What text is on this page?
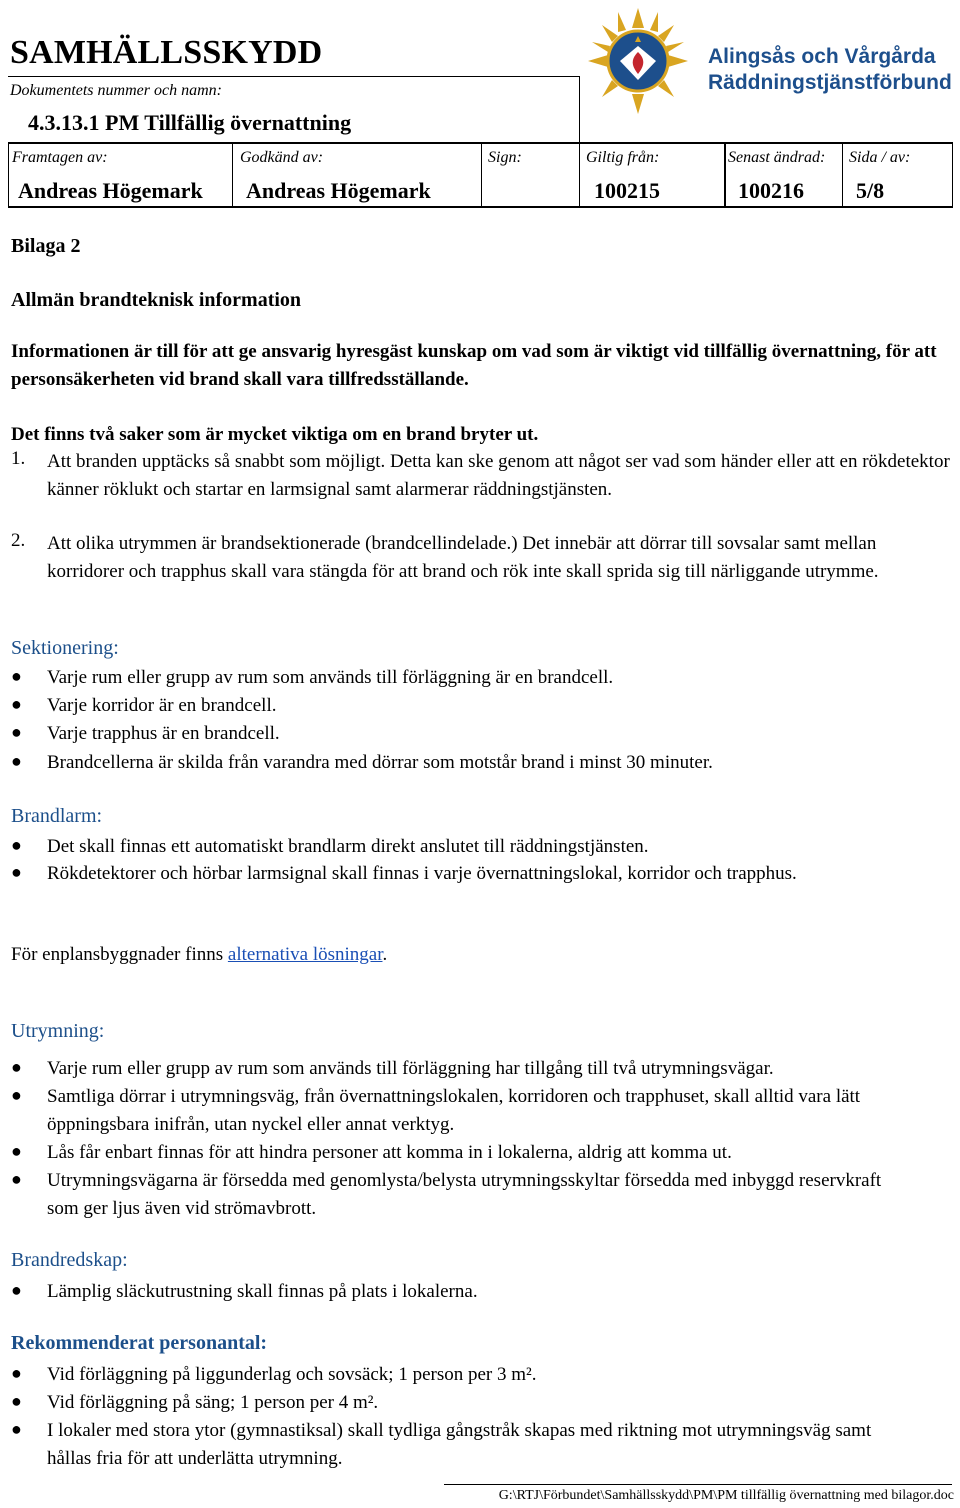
SAMHÄLLSSKYDD
Dokumentets nummer och namn:
4.3.13.1 PM Tillfällig övernattning
Alingsås och Vårgårda
Räddningstjänstförbund
Framtagen av:
Andreas Högemark
Godkänd av:
Andreas Högemark
Sign:	Giltig från:
100215
Senast ändrad:
100216
Sida / av:
5/8
Bilaga 2
Allmän brandteknisk information
Informationen är till för att ge ansvarig hyresgäst kunskap om vad som är viktigt vid tillfällig övernattning, för att personsäkerheten vid brand skall vara tillfredsställande.
Det finns två saker som är mycket viktiga om en brand bryter ut.
1. Att branden upptäcks så snabbt som möjligt. Detta kan ske genom att något ser vad som händer eller att en rökdetektor känner röklukt och startar en larmsignal samt alarmerar räddningstjänsten.
2. Att olika utrymmen är brandsektionerade (brandcellindelade.) Det innebär att dörrar till sovsalar samt mellan korridorer och trapphus skall vara stängda för att brand och rök inte skall sprida sig till närliggande utrymme.
Sektionering:
● Varje rum eller grupp av rum som används till förläggning är en brandcell.
● Varje korridor är en brandcell.
● Varje trapphus är en brandcell.
● Brandcellerna är skilda från varandra med dörrar som motstår brand i minst 30 minuter.
Brandlarm:
● Det skall finnas ett automatiskt brandlarm direkt anslutet till räddningstjänsten.
● Rökdetektorer och hörbar larmsignal skall finnas i varje övernattningslokal, korridor och trapphus.
För enplansbyggnader finns alternativa lösningar.
Utrymning:
● Varje rum eller grupp av rum som används till förläggning har tillgång till två utrymningsvägar.
● Samtliga dörrar i utrymningsväg, från övernattningslokalen, korridoren och trapphuset, skall alltid vara lätt öppningsbara inifrån, utan nyckel eller annat verktyg.
● Lås får enbart finnas för att hindra personer att komma in i lokalerna, aldrig att komma ut.
● Utrymningsvägarna är försedda med genomlysta/belysta utrymningsskyltar försedda med inbyggd reservkraft som ger ljus även vid strömavbrott.
Brandredskap:
● Lämplig släckutrustning skall finnas på plats i lokalerna.
Rekommenderat personantal:
● Vid förläggning på liggunderlag och sovsäck; 1 person per 3 m².
● Vid förläggning på säng; 1 person per 4 m².
● I lokaler med stora ytor (gymnastiksal) skall tydliga gångstråk skapas med riktning mot utrymningsväg samt hållas fria för att underlätta utrymning.
G:\RTJ\Förbundet\Samhällsskydd\PM\PM tillfällig övernattning med bilagor.doc
